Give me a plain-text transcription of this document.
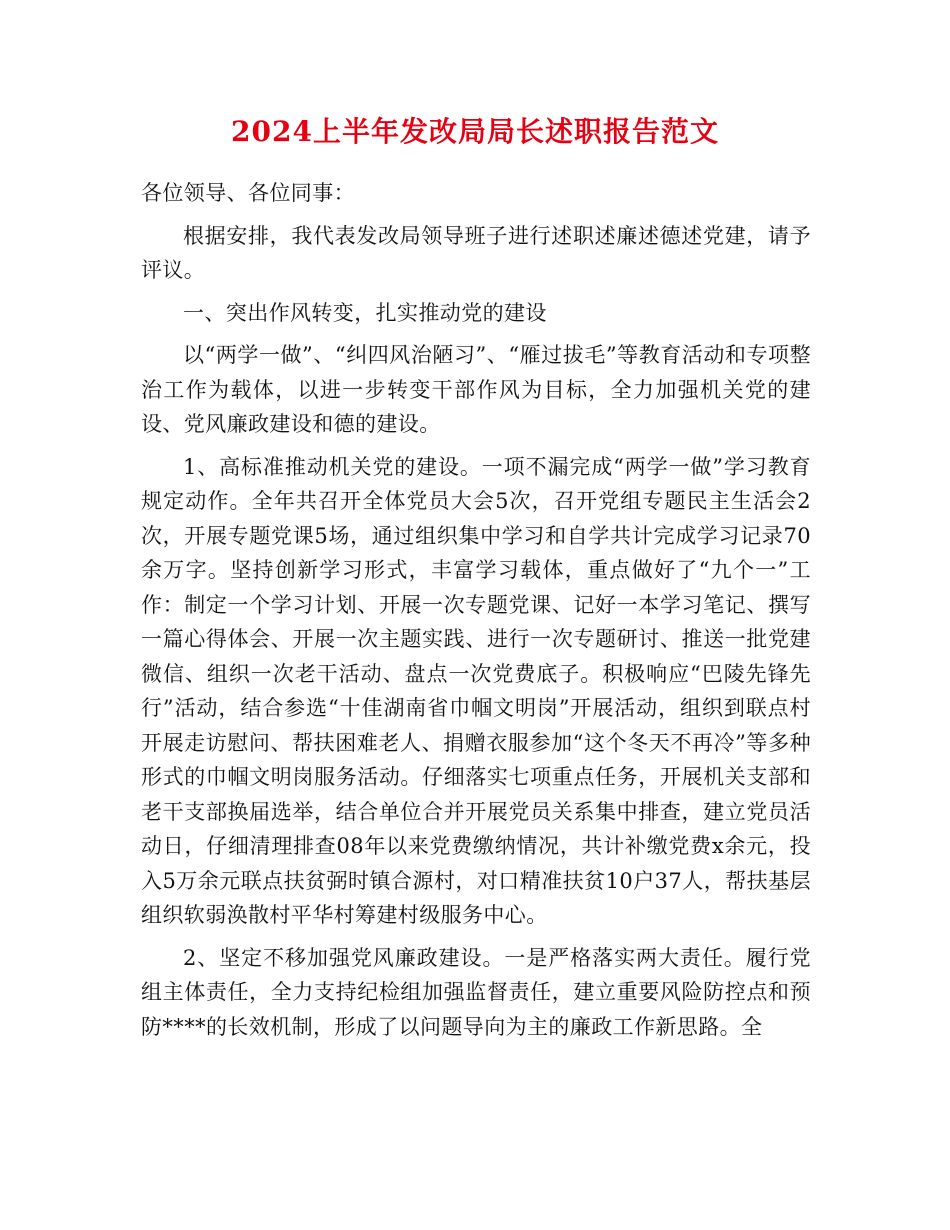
2024上半年发改局局长述职报告范文

各位领导、各位同事：

根据安排，我代表发改局领导班子进行述职述廉述德述党建，请予评议。

一、突出作风转变，扎实推动党的建设

以“两学一做”、“纠四风治陋习”、“雁过拔毛”等教育活动和专项整治工作为载体，以进一步转变干部作风为目标，全力加强机关党的建设、党风廉政建设和德的建设。

1、高标准推动机关党的建设。一项不漏完成“两学一做”学习教育规定动作。全年共召开全体党员大会5次，召开党组专题民主生活会2次，开展专题党课5场，通过组织集中学习和自学共计完成学习记录70余万字。坚持创新学习形式，丰富学习载体，重点做好了“九个一”工作：制定一个学习计划、开展一次专题党课、记好一本学习笔记、撰写一篇心得体会、开展一次主题实践、进行一次专题研讨、推送一批党建微信、组织一次老干活动、盘点一次党费底子。积极响应“巴陵先锋先行”活动，结合参选“十佳湖南省巾帼文明岗”开展活动，组织到联点村开展走访慰问、帮扶困难老人、捐赠衣服参加“这个冬天不再冷”等多种形式的巾帼文明岗服务活动。仔细落实七项重点任务，开展机关支部和老干支部换届选举，结合单位合并开展党员关系集中排查，建立党员活动日，仔细清理排查08年以来党费缴纳情况，共计补缴党费x余元，投入5万余元联点扶贫弼时镇合源村，对口精准扶贫10户37人，帮扶基层组织软弱涣散村平华村筹建村级服务中心。

2、坚定不移加强党风廉政建设。一是严格落实两大责任。履行党组主体责任，全力支持纪检组加强监督责任，建立重要风险防控点和预防****的长效机制，形成了以问题导向为主的廉政工作新思路。全
